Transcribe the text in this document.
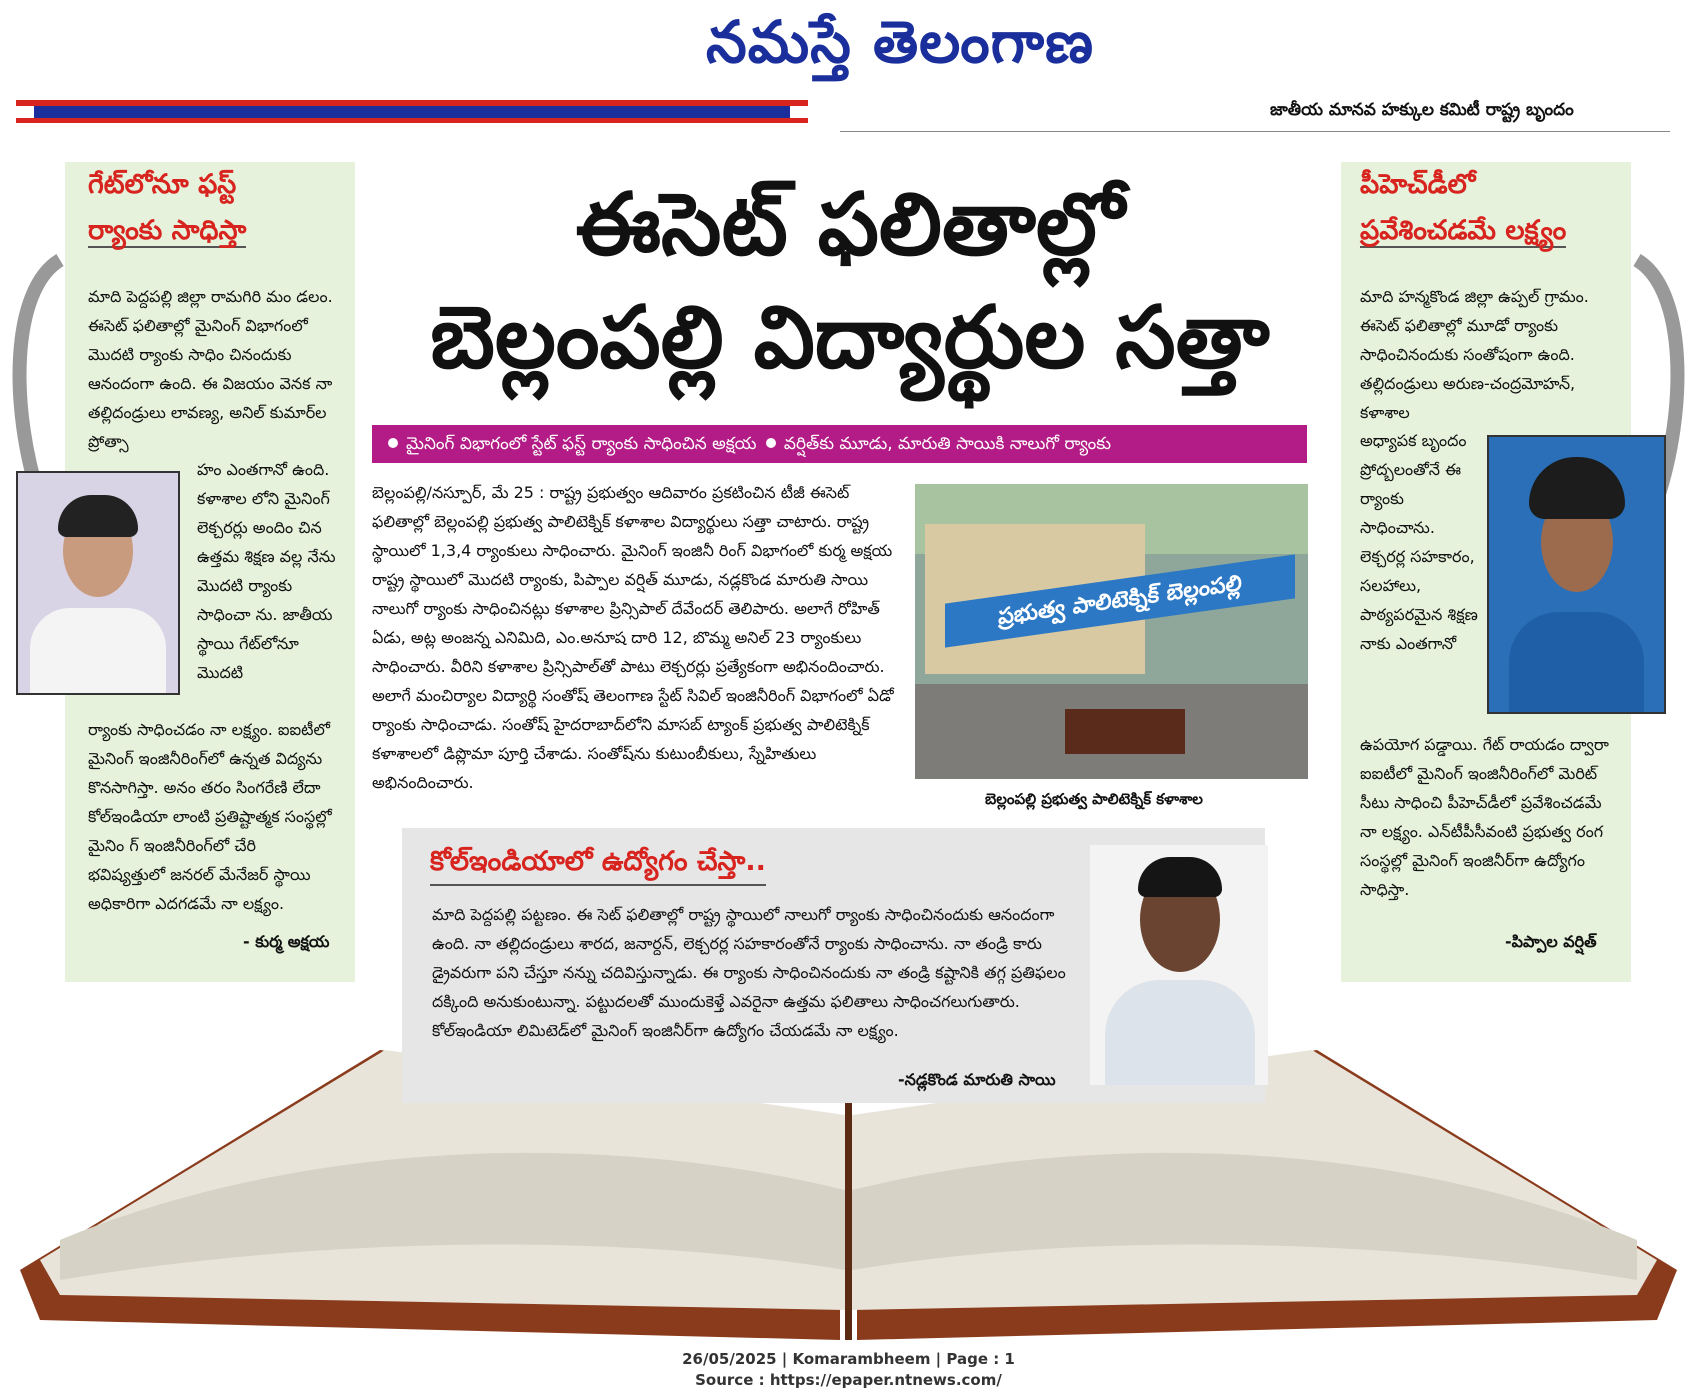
నమస్తే తెలంగాణ
జాతీయ మానవ హక్కుల కమిటీ రాష్ట్ర బృందం
ఈసెట్ ఫలితాల్లో
బెల్లంపల్లి విద్యార్థుల సత్తా
మైనింగ్ విభాగంలో స్టేట్ ఫస్ట్ ర్యాంకు సాధించిన అక్షయ వర్షిత్‌కు మూడు, మారుతి సాయికి నాలుగో ర్యాంకు
గేట్‌లోనూ ఫస్ట్
ర్యాంకు సాధిస్తా
మాది పెద్దపల్లి జిల్లా రామగిరి మం డలం. ఈసెట్ ఫలితాల్లో మైనింగ్ విభాగంలో మొదటి ర్యాంకు సాధిం చినందుకు ఆనందంగా ఉంది. ఈ విజయం వెనక నా తల్లిదండ్రులు లావణ్య, అనిల్ కుమార్‌ల ప్రోత్సా
హం ఎంతగానో ఉంది. కళాశాల లోని మైనింగ్ లెక్చరర్లు అందిం చిన ఉత్తమ శిక్షణ వల్ల నేను మొదటి ర్యాంకు సాధించా ను. జాతీయ స్థాయి గేట్‌లోనూ మొదటి
ర్యాంకు సాధించడం నా లక్ష్యం. ఐఐటీలో మైనింగ్ ఇంజినీరింగ్‌లో ఉన్నత విద్యను కొనసాగిస్తా. అనం తరం సింగరేణి లేదా కోల్‌ఇండియా లాంటి ప్రతిష్టాత్మక సంస్థల్లో మైనిం గ్ ఇంజినీరింగ్‌లో చేరి భవిష్యత్తులో జనరల్ మేనేజర్ స్థాయి అధికారిగా ఎదగడమే నా లక్ష్యం.
- కుర్మ అక్షయ
పీహెచ్‌డీలో
ప్రవేశించడమే లక్ష్యం
మాది హన్మకొండ జిల్లా ఉప్పల్ గ్రామం. ఈసెట్ ఫలితాల్లో మూడో ర్యాంకు సాధించినందుకు సంతోషంగా ఉంది. తల్లిదండ్రులు అరుణ-చంద్రమోహన్, కళాశాల
అధ్యాపక బృందం ప్రోద్బలంతోనే ఈ ర్యాంకు సాధించాను. లెక్చరర్ల సహకారం, సలహాలు, పాఠ్యపరమైన శిక్షణ నాకు ఎంతగానో
ఉపయోగ పడ్డాయి. గేట్ రాయడం ద్వారా ఐఐటీలో మైనింగ్ ఇంజినీరింగ్‌లో మెరిట్ సీటు సాధించి పీహెచ్‌డీలో ప్రవేశించడమే నా లక్ష్యం. ఎన్‌టీపీసీవంటి ప్రభుత్వ రంగ సంస్థల్లో మైనింగ్ ఇంజినీర్‌గా ఉద్యోగం సాధిస్తా.
-పిప్పాల వర్షిత్
బెల్లంపల్లి/నస్పూర్, మే 25 : రాష్ట్ర ప్రభుత్వం ఆదివారం ప్రకటించిన టీజీ ఈసెట్ ఫలితాల్లో బెల్లంపల్లి ప్రభుత్వ పాలిటెక్నిక్ కళాశాల విద్యార్థులు సత్తా చాటారు. రాష్ట్ర స్థాయిలో 1,3,4 ర్యాంకులు సాధించారు. మైనింగ్ ఇంజినీ రింగ్ విభాగంలో కుర్మ అక్షయ రాష్ట్ర స్థాయిలో మొదటి ర్యాంకు, పిప్పాల వర్షిత్ మూడు, నడ్లకొండ మారుతి సాయి నాలుగో ర్యాంకు సాధించినట్లు కళాశాల ప్రిన్సిపాల్ దేవేందర్ తెలిపారు. అలాగే రోహిత్ ఏడు, అట్ల అంజన్న ఎనిమిది, ఎం.అనూష దారి 12, బొమ్మ అనిల్ 23 ర్యాంకులు సాధించారు. వీరిని కళాశాల ప్రిన్సిపాల్‌తో పాటు లెక్చరర్లు ప్రత్యేకంగా అభినందించారు. అలాగే మంచిర్యాల విద్యార్థి సంతోష్ తెలంగాణ స్టేట్ సివిల్ ఇంజినీరింగ్ విభాగంలో ఏడో ర్యాంకు సాధించాడు. సంతోష్ హైదరాబాద్‌లోని మాసబ్ ట్యాంక్ ప్రభుత్వ పాలిటెక్నిక్ కళాశాలలో డిప్లొమా పూర్తి చేశాడు. సంతోష్‌ను కుటుంబీకులు, స్నేహితులు అభినందించారు.
ప్రభుత్వ పాలిటెక్నిక్ బెల్లంపల్లి
బెల్లంపల్లి ప్రభుత్వ పాలిటెక్నిక్ కళాశాల
కోల్‌ఇండియాలో ఉద్యోగం చేస్తా..
మాది పెద్దపల్లి పట్టణం. ఈ సెట్ ఫలితాల్లో రాష్ట్ర స్థాయిలో నాలుగో ర్యాంకు సాధించినందుకు ఆనందంగా ఉంది. నా తల్లిదండ్రులు శారద, జనార్దన్, లెక్చరర్ల సహకారంతోనే ర్యాంకు సాధించాను. నా తండ్రి కారు డ్రైవరుగా పని చేస్తూ నన్ను చదివిస్తున్నాడు. ఈ ర్యాంకు సాధించినందుకు నా తండ్రి కష్టానికి తగ్గ ప్రతిఫలం దక్కింది అనుకుంటున్నా. పట్టుదలతో ముందుకెళ్తే ఎవరైనా ఉత్తమ ఫలితాలు సాధించగలుగుతారు. కోల్‌ఇండియా లిమిటెడ్‌లో మైనింగ్ ఇంజినీర్‌గా ఉద్యోగం చేయడమే నా లక్ష్యం.
-నడ్లకొండ మారుతి సాయి
26/05/2025 | Komarambheem | Page : 1
Source : https://epaper.ntnews.com/
